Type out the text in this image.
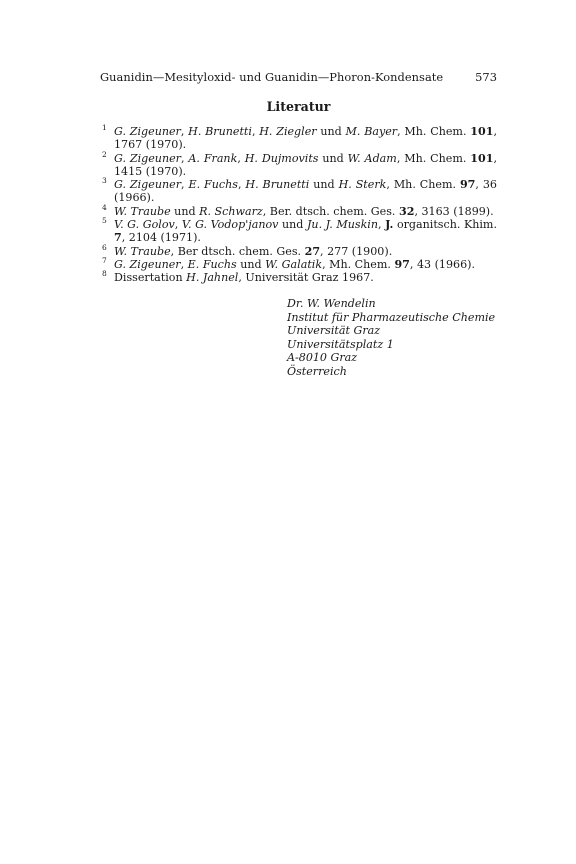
Guanidin—Mesityloxid- und Guanidin—Phoron-Kondensate	573
Literatur
1 G. Zigeuner, H. Brunetti, H. Ziegler und M. Bayer, Mh. Chem. 101, 1767 (1970).
2 G. Zigeuner, A. Frank, H. Dujmovits und W. Adam, Mh. Chem. 101, 1415 (1970).
3 G. Zigeuner, E. Fuchs, H. Brunetti und H. Sterk, Mh. Chem. 97, 36 (1966).
4 W. Traube und R. Schwarz, Ber. dtsch. chem. Ges. 32, 3163 (1899).
5 V. G. Golov, V. G. Vodop'janov und Ju. J. Muskin, J. organitsch. Khim. 7, 2104 (1971).
6 W. Traube, Ber dtsch. chem. Ges. 27, 277 (1900).
7 G. Zigeuner, E. Fuchs und W. Galatik, Mh. Chem. 97, 43 (1966).
8 Dissertation H. Jahnel, Universität Graz 1967.
Dr. W. Wendelin
Institut für Pharmazeutische Chemie
Universität Graz
Universitätsplatz 1
A-8010 Graz
Österreich
